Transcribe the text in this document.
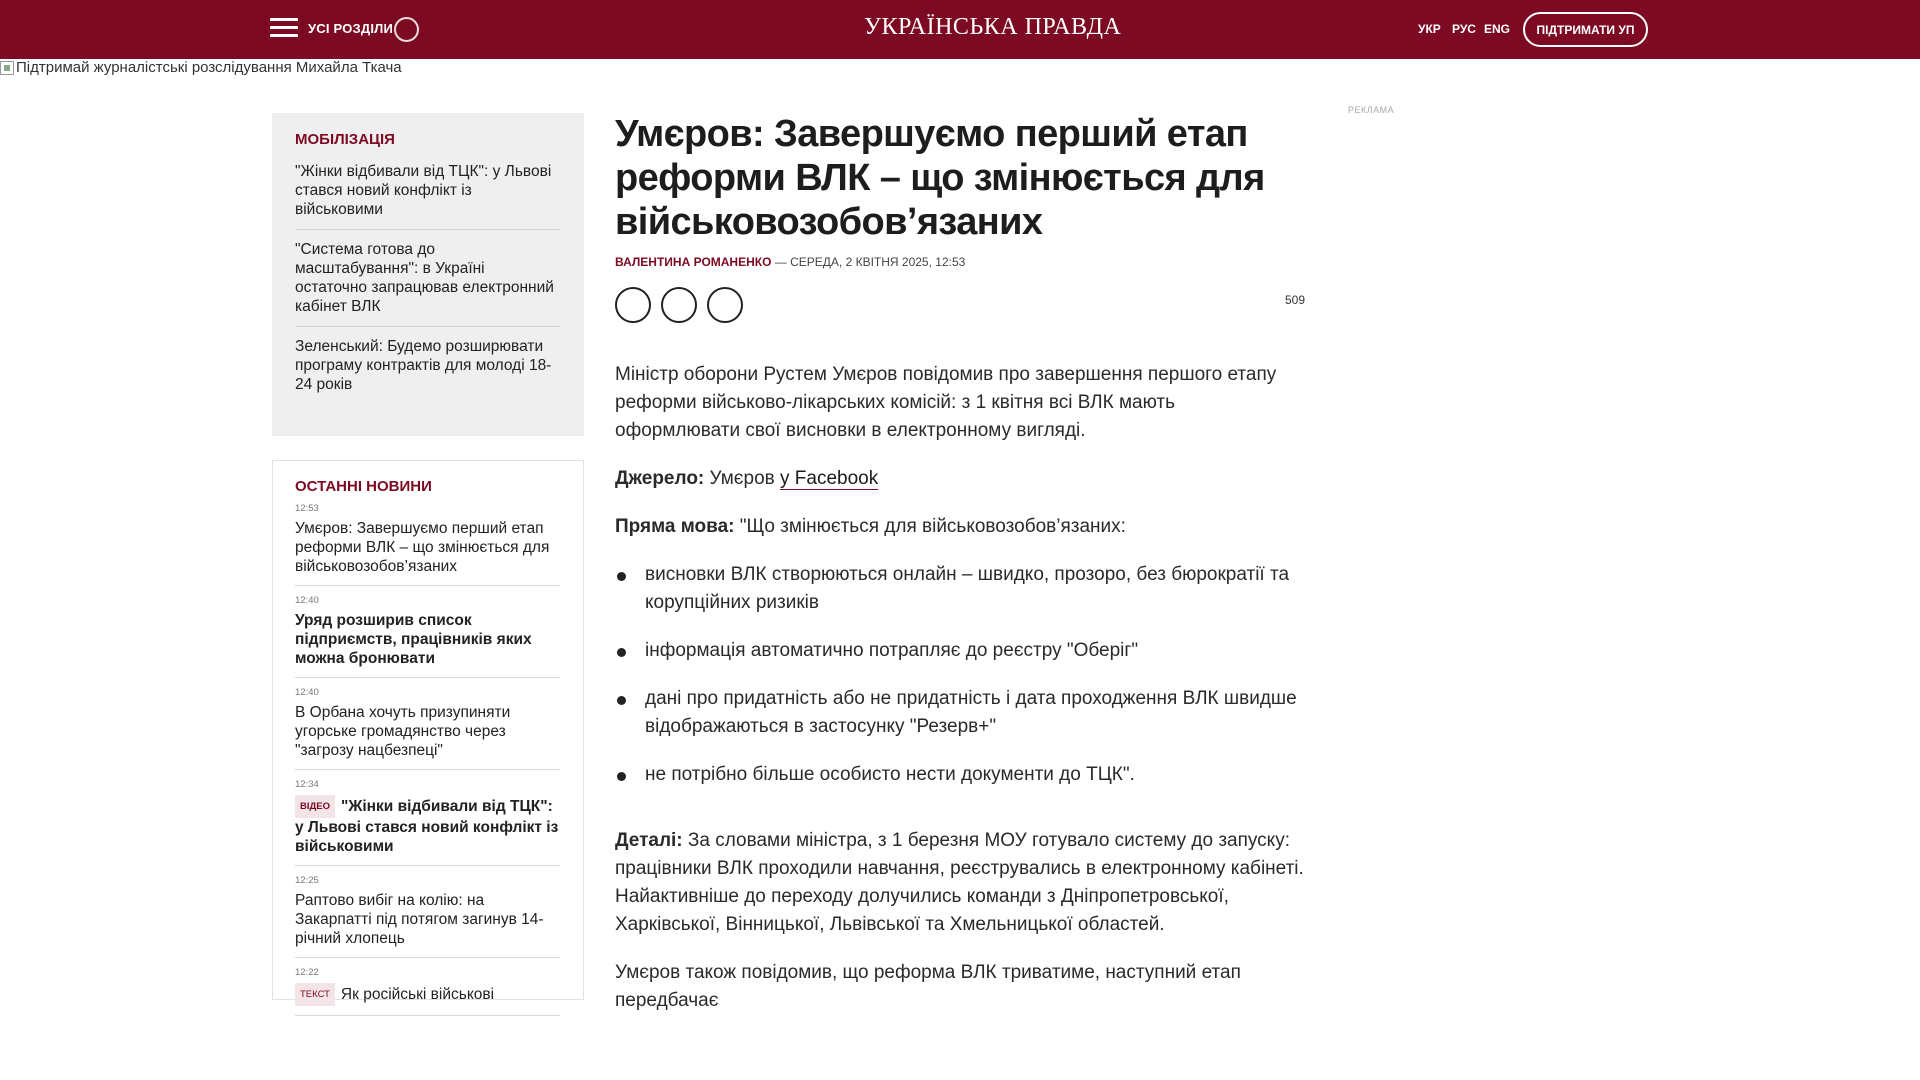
УСІ РОЗДІЛИ	УКРАЇНСЬКА ПРАВДА	УКР РУС ENG	ПІДТРИМАТИ УП
Підтримай журналістські розслідування Михайла Ткача
МОБІЛІЗАЦІЯ
"Жінки відбивали від ТЦК": у Львові стався новий конфлікт із військовими
"Система готова до масштабування": в Україні остаточно запрацював електронний кабінет ВЛК
Зеленський: Будемо розширювати програму контрактів для молоді 18-24 років
ОСТАННІ НОВИНИ
12:53
Умєров: Завершуємо перший етап реформи ВЛК – що змінюється для військовозобов’язаних
12:40
Уряд розширив список підприємств, працівників яких можна бронювати
12:40
В Орбана хочуть призупиняти угорське громадянство через "загрозу нацбезпеці"
12:34
ВІДЕО "Жінки відбивали від ТЦК": у Львові стався новий конфлікт із військовими
12:25
Раптово вибіг на колію: на Закарпатті під потягом загинув 14-річний хлопець
12:22
ТЕКСТ Як російські військові
Умєров: Завершуємо перший етап реформи ВЛК – що змінюється для військовозобов’язаних
ВАЛЕНТИНА РОМАНЕНКО — СЕРЕДА, 2 КВІТНЯ 2025, 12:53
509

Міністр оборони Рустем Умєров повідомив про завершення першого етапу реформи військово-лікарських комісій: з 1 квітня всі ВЛК мають оформлювати свої висновки в електронному вигляді.

Джерело: Умєров у Facebook

Пряма мова: "Що змінюється для військовозобов’язаних:

висновки ВЛК створюються онлайн – швидко, прозоро, без бюрократії та корупційних ризиків
інформація автоматично потрапляє до реєстру "Оберіг"
дані про придатність або не придатність і дата проходження ВЛК швидше відображаються в застосунку "Резерв+"
не потрібно більше особисто нести документи до ТЦК".

Деталі: За словами міністра, з 1 березня МОУ готувало систему до запуску: працівники ВЛК проходили навчання, реєструвались в електронному кабінеті. Найактивніше до переходу долучились команди з Дніпропетровської, Харківської, Вінницької, Львівської та Хмельницької областей.

Умєров також повідомив, що реформа ВЛК триватиме, наступний етап передбачає

РЕКЛАМА
